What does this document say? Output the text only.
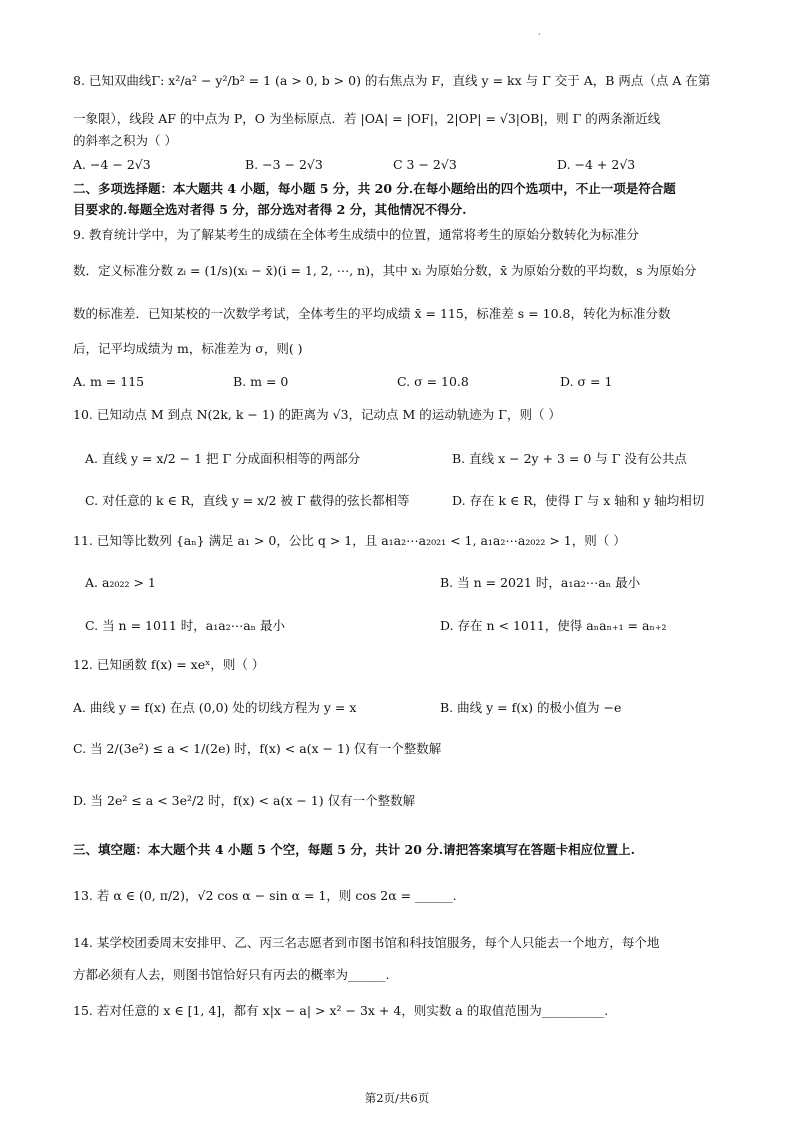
·
8. 已知双曲线Γ: x²/a² − y²/b² = 1 (a > 0, b > 0) 的右焦点为 F，直线 y = kx 与 Γ 交于 A，B 两点（点 A 在第
一象限），线段 AF 的中点为 P，O 为坐标原点．若 |OA| = |OF|，2|OP| = √3|OB|，则 Γ 的两条渐近线
的斜率之积为（ ）
A. −4 − 2√3	B. −3 − 2√3	C 3 − 2√3	D. −4 + 2√3
二、多项选择题：本大题共 4 小题，每小题 5 分，共 20 分.在每小题给出的四个选项中，不止一项是符合题
目要求的.每题全选对者得 5 分，部分选对者得 2 分，其他情况不得分.
9. 教育统计学中，为了解某考生的成绩在全体考生成绩中的位置，通常将考生的原始分数转化为标准分
数．定义标准分数 zᵢ = (1/s)(xᵢ − x̄)(i = 1, 2, ⋯, n)，其中 xᵢ 为原始分数，x̄ 为原始分数的平均数，s 为原始分
数的标准差．已知某校的一次数学考试，全体考生的平均成绩 x̄ = 115，标准差 s = 10.8，转化为标准分数
后，记平均成绩为 m，标准差为 σ，则( )
A. m = 115	B. m = 0	C. σ = 10.8	D. σ = 1
10. 已知动点 M 到点 N(2k, k − 1) 的距离为 √3，记动点 M 的运动轨迹为 Γ，则（ ）
A. 直线 y = x/2 − 1 把 Γ 分成面积相等的两部分	B. 直线 x − 2y + 3 = 0 与 Γ 没有公共点
C. 对任意的 k ∈ R，直线 y = x/2 被 Γ 截得的弦长都相等	D. 存在 k ∈ R，使得 Γ 与 x 轴和 y 轴均相切
11. 已知等比数列 {aₙ} 满足 a₁ > 0，公比 q > 1，且 a₁a₂⋯a₂₀₂₁ < 1, a₁a₂⋯a₂₀₂₂ > 1，则（ ）
A. a₂₀₂₂ > 1	B. 当 n = 2021 时，a₁a₂⋯aₙ 最小
C. 当 n = 1011 时，a₁a₂⋯aₙ 最小	D. 存在 n < 1011，使得 aₙaₙ₊₁ = aₙ₊₂
12. 已知函数 f(x) = xeˣ，则（ ）
A. 曲线 y = f(x) 在点 (0,0) 处的切线方程为 y = x	B. 曲线 y = f(x) 的极小值为 −e
C. 当 2/(3e²) ≤ a < 1/(2e) 时，f(x) < a(x − 1) 仅有一个整数解
D. 当 2e² ≤ a < 3e²/2 时，f(x) < a(x − 1) 仅有一个整数解
三、填空题：本大题个共 4 小题 5 个空，每题 5 分，共计 20 分.请把答案填写在答题卡相应位置上.
13. 若 α ∈ (0, π/2)，√2 cos α − sin α = 1，则 cos 2α = ______.
14. 某学校团委周末安排甲、乙、丙三名志愿者到市图书馆和科技馆服务，每个人只能去一个地方，每个地
方都必须有人去，则图书馆恰好只有丙去的概率为______.
15. 若对任意的 x ∈ [1, 4]，都有 x|x − a| > x² − 3x + 4，则实数 a 的取值范围为__________.
第2页/共6页
